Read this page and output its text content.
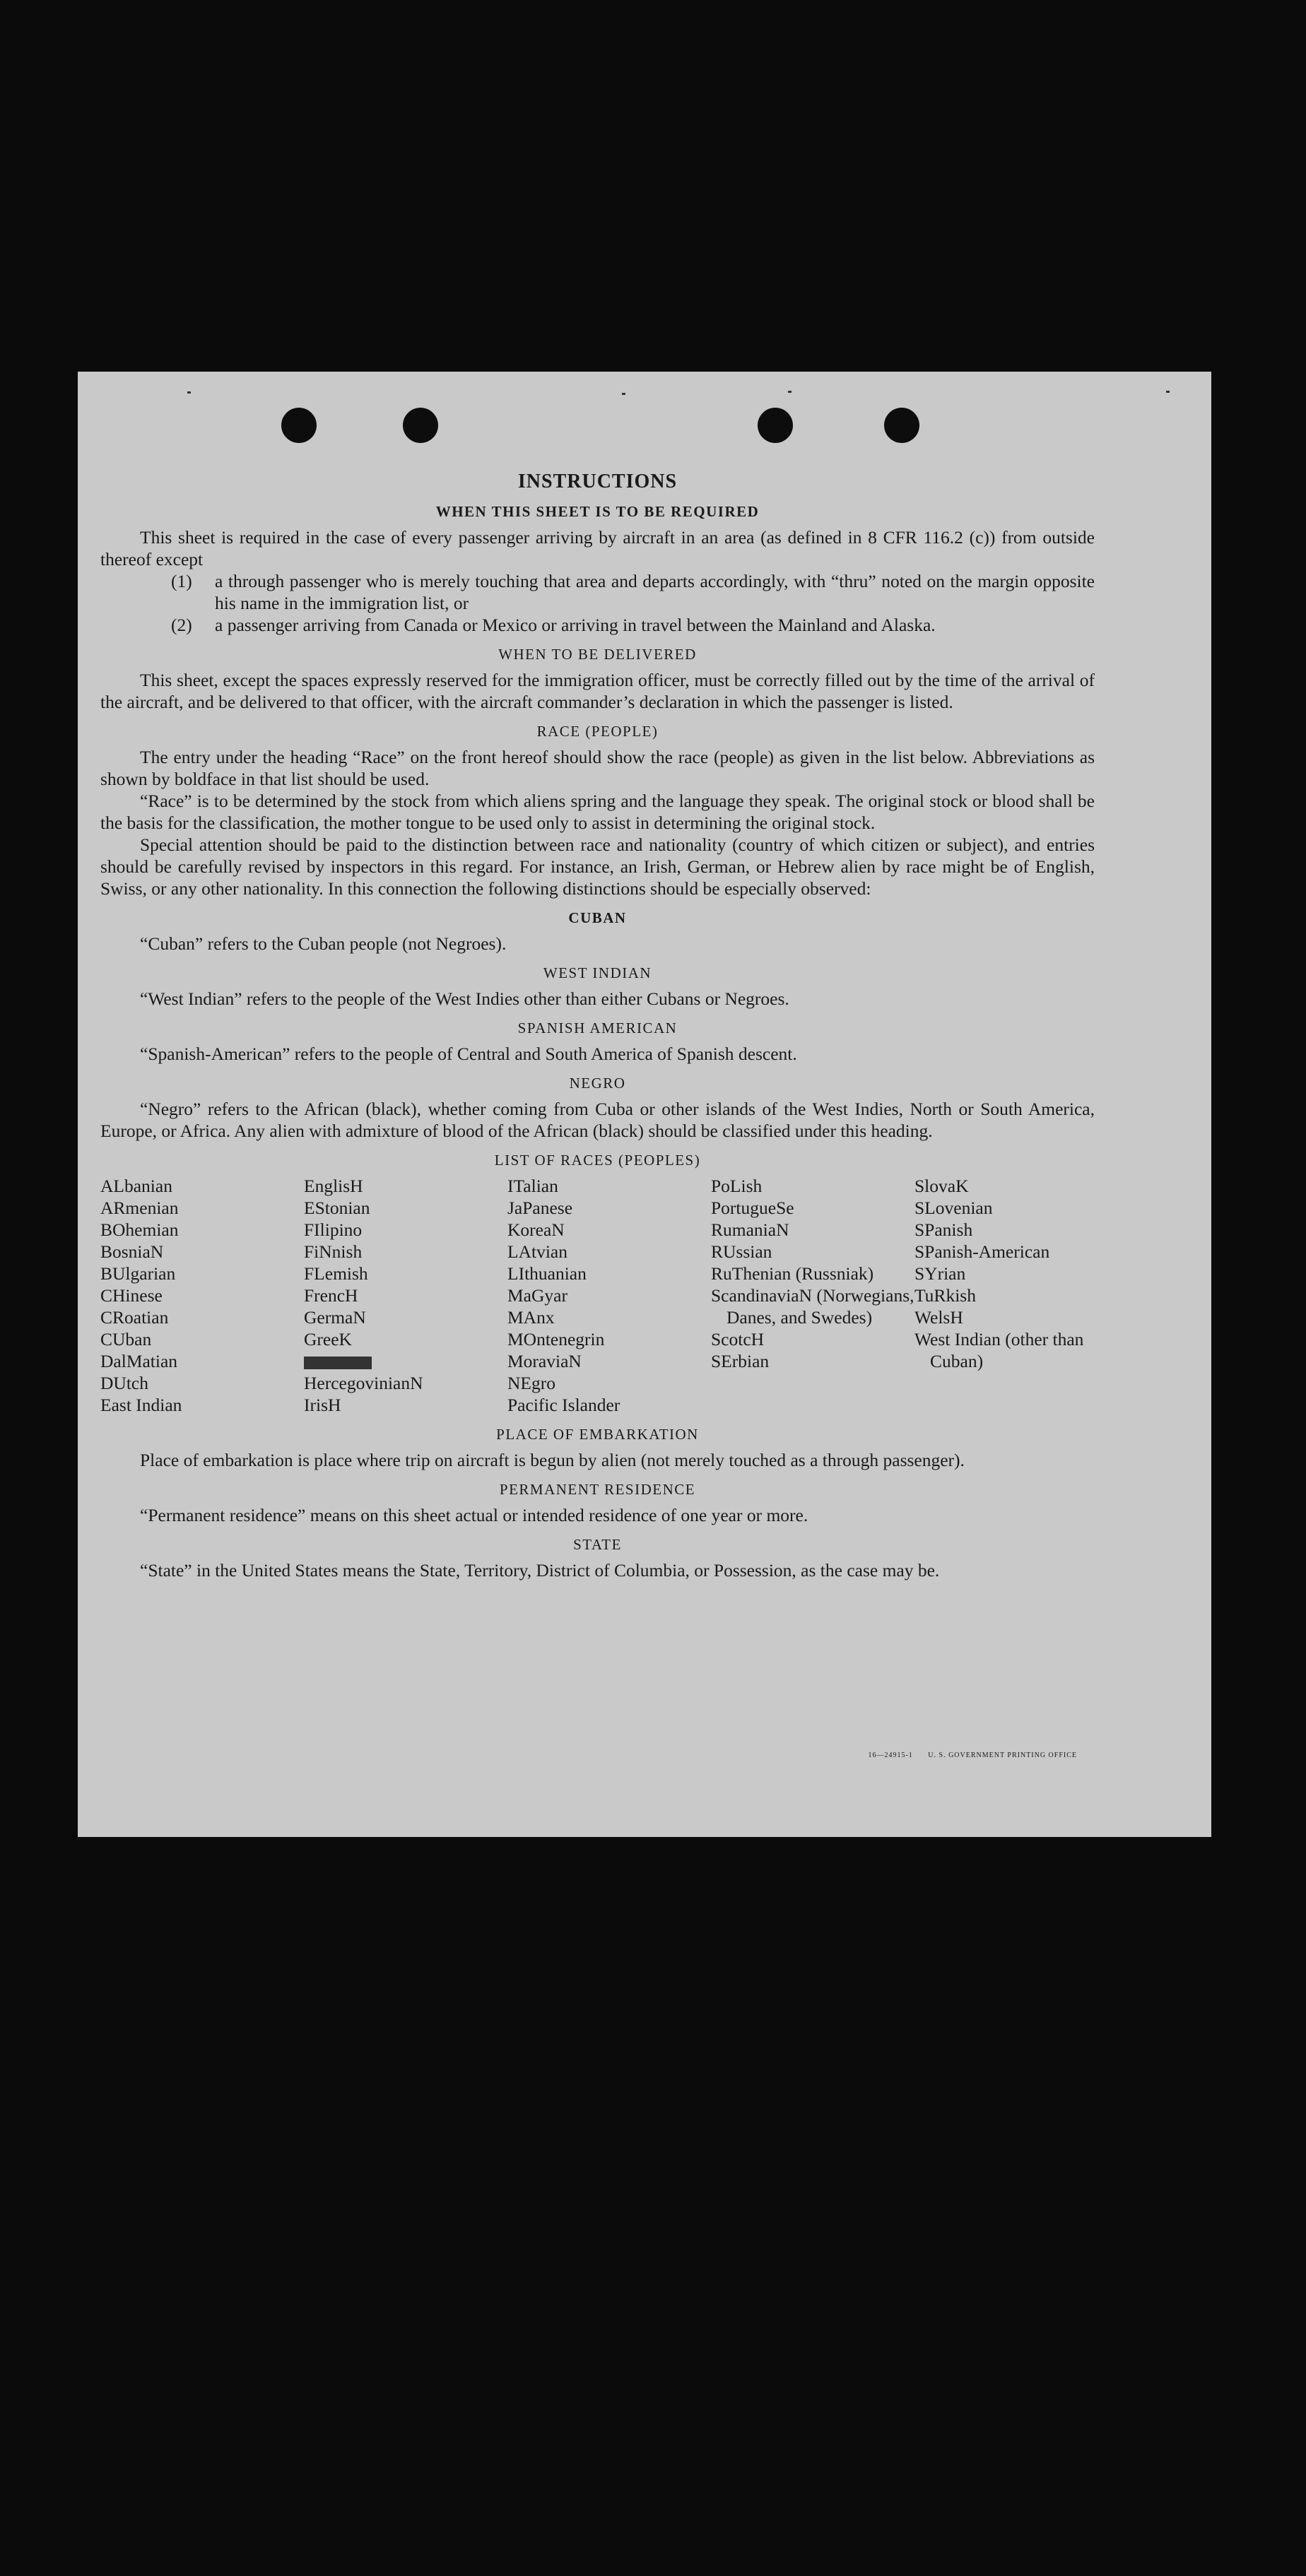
INSTRUCTIONS
WHEN THIS SHEET IS TO BE REQUIRED

This sheet is required in the case of every passenger arriving by aircraft in an area (as defined in 8 CFR 116.2 (c)) from outside thereof except

(1) a through passenger who is merely touching that area and departs accordingly, with “thru” noted on the margin opposite his name in the immigration list, or
(2) a passenger arriving from Canada or Mexico or arriving in travel between the Mainland and Alaska.
WHEN TO BE DELIVERED

This sheet, except the spaces expressly reserved for the immigration officer, must be correctly filled out by the time of the arrival of the aircraft, and be delivered to that officer, with the aircraft commander’s declaration in which the passenger is listed.

RACE (PEOPLE)

The entry under the heading “Race” on the front hereof should show the race (people) as given in the list below. Abbreviations as shown by boldface in that list should be used.

“Race” is to be determined by the stock from which aliens spring and the language they speak. The original stock or blood shall be the basis for the classification, the mother tongue to be used only to assist in determining the original stock.

Special attention should be paid to the distinction between race and nationality (country of which citizen or subject), and entries should be carefully revised by inspectors in this regard. For instance, an Irish, German, or Hebrew alien by race might be of English, Swiss, or any other nationality. In this connection the following distinctions should be especially observed:

CUBAN

“Cuban” refers to the Cuban people (not Negroes).

WEST INDIAN

“West Indian” refers to the people of the West Indies other than either Cubans or Negroes.

SPANISH AMERICAN

“Spanish-American” refers to the people of Central and South America of Spanish descent.

NEGRO

“Negro” refers to the African (black), whether coming from Cuba or other islands of the West Indies, North or South America, Europe, or Africa. Any alien with admixture of blood of the African (black) should be classified under this heading.

LIST OF RACES (PEOPLES)
ALbanian
ARmenian
BOhemian
BosniaN
BUlgarian
CHinese
CRoatian
CUban
DalMatian
DUtch
East Indian
EnglisH
EStonian
FIlipino
FiNnish
FLemish
FrencH
GermaN
GreeK
HercegovinianN
IrisH
ITalian
JaPanese
KoreaN
LAtvian
LIthuanian
MaGyar
MAnx
MOntenegrin
MoraviaN
NEgro
Pacific Islander
PoLish
PortugueSe
RumaniaN
RUssian
RuThenian (Russniak)
ScandinaviaN (Norwegians, Danes, and Swedes)
ScotcH
SErbian
SlovaK
SLovenian
SPanish
SPanish-American
SYrian
TuRkish
WelsH
West Indian (other than Cuban)
PLACE OF EMBARKATION

Place of embarkation is place where trip on aircraft is begun by alien (not merely touched as a through passenger).

PERMANENT RESIDENCE

“Permanent residence” means on this sheet actual or intended residence of one year or more.

STATE

“State” in the United States means the State, Territory, District of Columbia, or Possession, as the case may be.

16—24915-1 U. S. GOVERNMENT PRINTING OFFICE
